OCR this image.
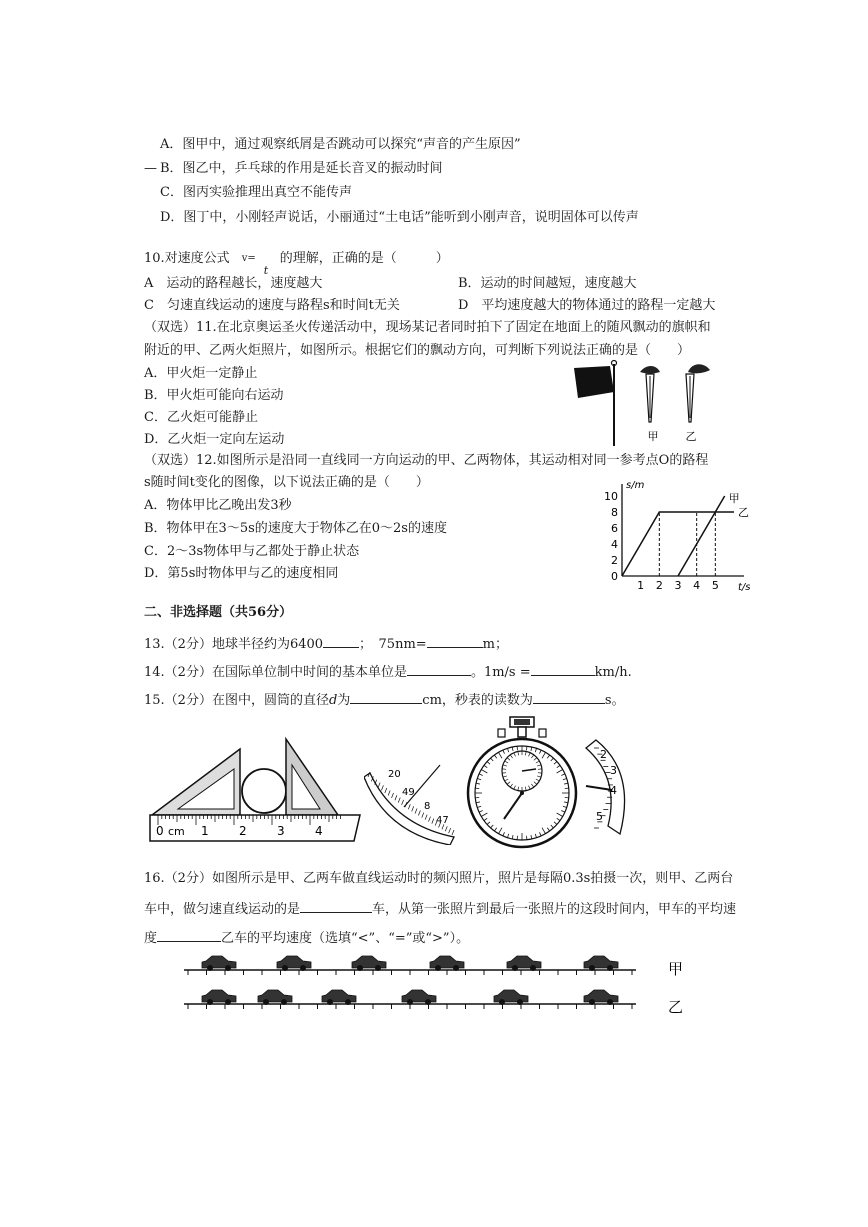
A．图甲中，通过观察纸屑是否跳动可以探究“声音的产生原因”
— B．图乙中，乒乓球的作用是延长音叉的振动时间
C．图丙实验推理出真空不能传声
D．图丁中，小刚轻声说话，小丽通过“土电话”能听到小刚声音，说明固体可以传声
10.对速度公式 v=
t
的理解，正确的是（　　　）
A　运动的路程越长，速度越大	B．运动的时间越短，速度越大
C　匀速直线运动的速度与路程s和时间t无关	D　平均速度越大的物体通过的路程一定越大
（双选）11.在北京奥运圣火传递活动中，现场某记者同时拍下了固定在地面上的随风飘动的旗帜和
附近的甲、乙两火炬照片，如图所示。根据它们的飘动方向，可判断下列说法正确的是（　　）
A．甲火炬一定静止
B．甲火炬可能向右运动
C．乙火炬可能静止
D．乙火炬一定向左运动	甲 乙
（双选）12.如图所示是沿同一直线同一方向运动的甲、乙两物体，其运动相对同一参考点O的路程
s随时间t变化的图像，以下说法正确的是（　　）
A．物体甲比乙晚出发3秒
B．物体甲在3～5s的速度大于物体乙在0～2s的速度
C．2～3s物体甲与乙都处于静止状态
D．第5s时物体甲与乙的速度相同
s/m
t/s
0
2
4
6
8
10
1 2 3 4 5
甲
乙
二、非选择题（共56分）
13.（2分）地球半径约为6400	；　75nm=	m；
14.（2分）在国际单位制中时间的基本单位是	。1m/s =	km/h.
15.（2分）在图中，圆筒的直径d为	cm，秒表的读数为	s。
0 cm 1	2	3	4
20
49
8
47
2
3
4
5
16.（2分）如图所示是甲、乙两车做直线运动时的频闪照片，照片是每隔0.3s拍摄一次，则甲、乙两台
车中，做匀速直线运动的是	车，从第一张照片到最后一张照片的这段时间内，甲车的平均速
度	乙车的平均速度（选填“<”、“=”或“>”）。
甲
乙
